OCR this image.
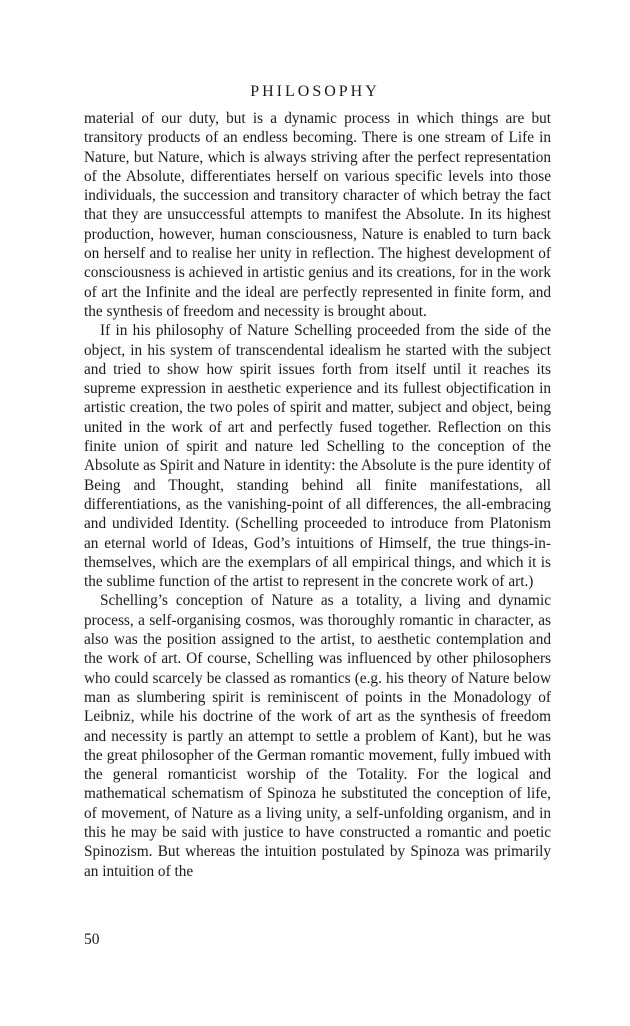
PHILOSOPHY

material of our duty, but is a dynamic process in which things are but transitory products of an endless becoming. There is one stream of Life in Nature, but Nature, which is always striving after the perfect representation of the Absolute, differentiates herself on various specific levels into those individuals, the succession and transitory character of which betray the fact that they are unsuccessful attempts to manifest the Absolute. In its highest production, however, human consciousness, Nature is enabled to turn back on herself and to realise her unity in reflection. The highest development of consciousness is achieved in artistic genius and its creations, for in the work of art the Infinite and the ideal are perfectly represented in finite form, and the synthesis of freedom and necessity is brought about.

If in his philosophy of Nature Schelling proceeded from the side of the object, in his system of transcendental idealism he started with the subject and tried to show how spirit issues forth from itself until it reaches its supreme expression in aesthetic experience and its fullest objectification in artistic creation, the two poles of spirit and matter, subject and object, being united in the work of art and perfectly fused together. Reflection on this finite union of spirit and nature led Schelling to the conception of the Absolute as Spirit and Nature in identity: the Absolute is the pure identity of Being and Thought, standing behind all finite manifestations, all differentiations, as the vanishing-point of all differences, the all-embracing and undivided Identity. (Schelling proceeded to introduce from Platonism an eternal world of Ideas, God’s intuitions of Himself, the true things-in-themselves, which are the exemplars of all empirical things, and which it is the sublime function of the artist to represent in the concrete work of art.)

Schelling’s conception of Nature as a totality, a living and dynamic process, a self-organising cosmos, was thoroughly romantic in character, as also was the position assigned to the artist, to aesthetic contemplation and the work of art. Of course, Schelling was influenced by other philosophers who could scarcely be classed as romantics (e.g. his theory of Nature below man as slumbering spirit is reminiscent of points in the Monadology of Leibniz, while his doctrine of the work of art as the synthesis of freedom and necessity is partly an attempt to settle a problem of Kant), but he was the great philosopher of the German romantic movement, fully imbued with the general romanticist worship of the Totality. For the logical and mathematical schematism of Spinoza he substituted the conception of life, of movement, of Nature as a living unity, a self-unfolding organism, and in this he may be said with justice to have constructed a romantic and poetic Spinozism. But whereas the intuition postulated by Spinoza was primarily an intuition of the

50
